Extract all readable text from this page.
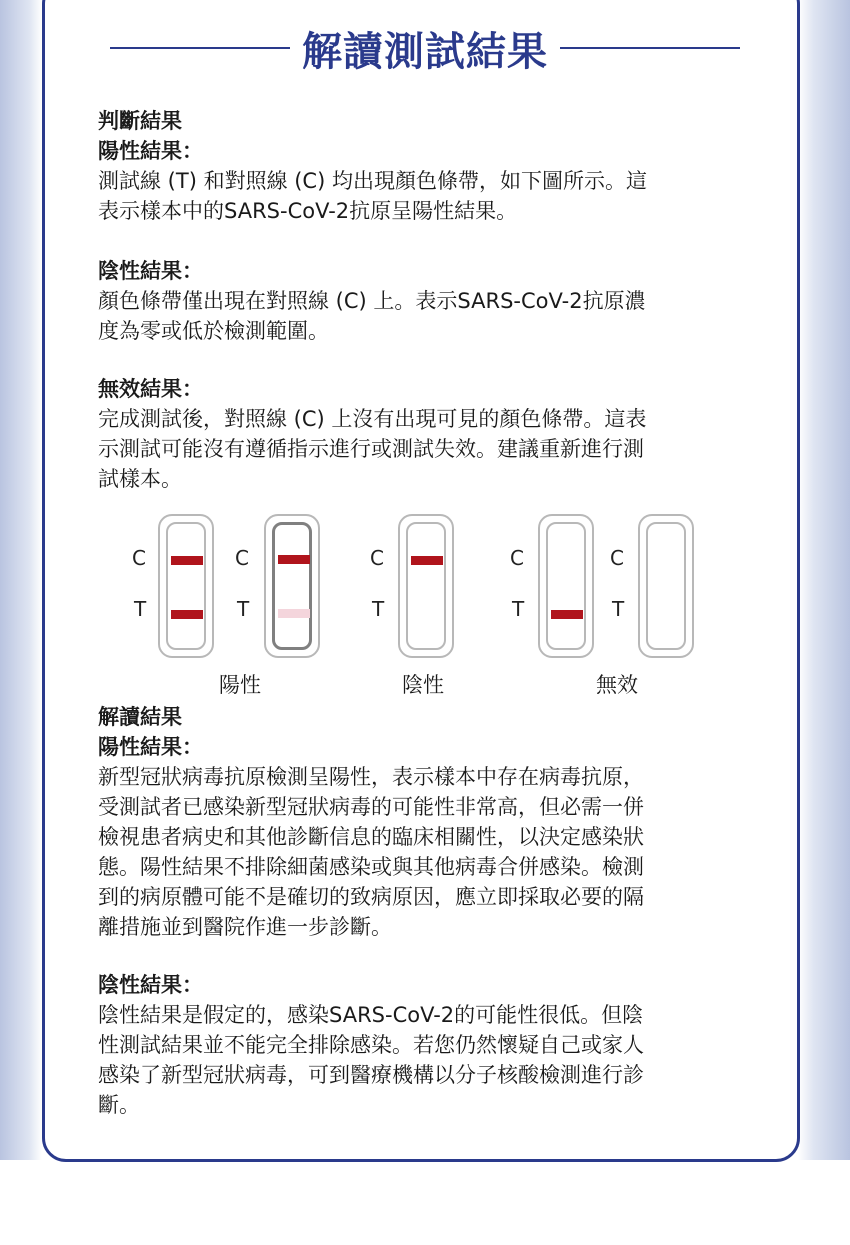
解讀測試結果
判斷結果
陽性結果：

測試線 (T) 和對照線 (C) 均出現顏色條帶，如下圖所示。這
表示樣本中的SARS-CoV-2抗原呈陽性結果。

陰性結果：

顏色條帶僅出現在對照線 (C) 上。表示SARS-CoV-2抗原濃
度為零或低於檢測範圍。

無效結果：

完成測試後，對照線 (C) 上沒有出現可見的顏色條帶。這表
示測試可能沒有遵循指示進行或測試失效。建議重新進行測
試樣本。

C
T
C
T
C
T
C
T
C
T
陽性	陰性	無效
解讀結果
陽性結果：

新型冠狀病毒抗原檢測呈陽性，表示樣本中存在病毒抗原，
受測試者已感染新型冠狀病毒的可能性非常高，但必需一併
檢視患者病史和其他診斷信息的臨床相關性，以決定感染狀
態。陽性結果不排除細菌感染或與其他病毒合併感染。檢測
到的病原體可能不是確切的致病原因，應立即採取必要的隔
離措施並到醫院作進一步診斷。

陰性結果：

陰性結果是假定的，感染SARS-CoV-2的可能性很低。但陰
性測試結果並不能完全排除感染。若您仍然懷疑自己或家人
感染了新型冠狀病毒，可到醫療機構以分子核酸檢測進行診
斷。
